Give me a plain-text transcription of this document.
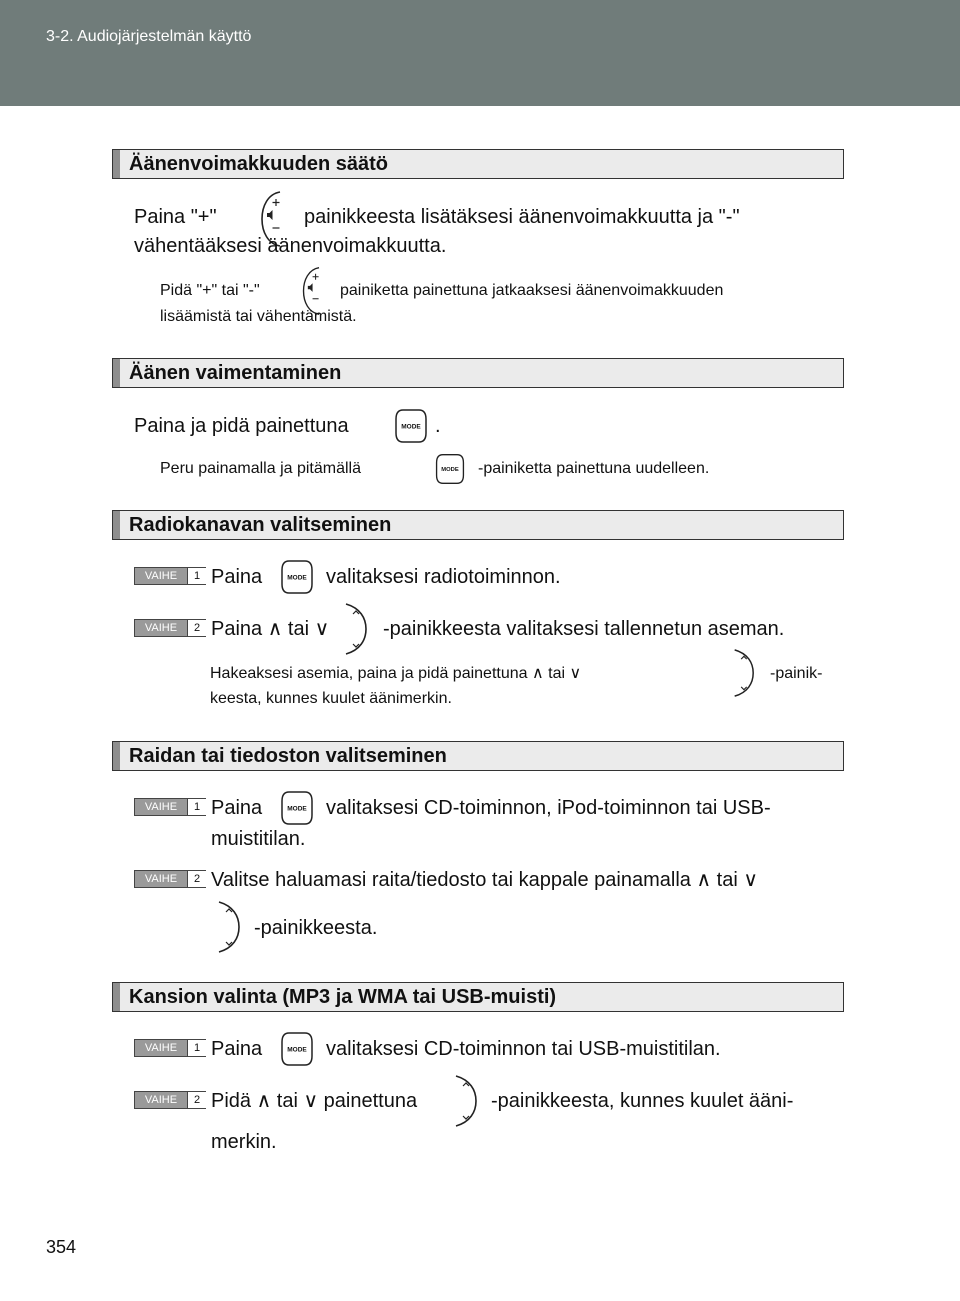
3-2. Audiojärjestelmän käyttö
Äänenvoimakkuuden säätö
Paina "+"	painikkeesta lisätäksesi äänenvoimakkuutta ja "-"
vähentääksesi äänenvoimakkuutta.
Pidä "+" tai "-"	painiketta painettuna jatkaaksesi äänenvoimakkuuden
lisäämistä tai vähentämistä.
Äänen vaimentaminen
Paina ja pidä painettuna	.
Peru painamalla ja pitämällä	-painiketta painettuna uudelleen.
Radiokanavan valitseminen
VAIHE	1 Paina	valitaksesi radiotoiminnon.
VAIHE	2 Paina ∧ tai ∨	-painikkeesta valitaksesi tallennetun aseman.
Hakeaksesi asemia, paina ja pidä painettuna ∧ tai ∨	-painik-
keesta, kunnes kuulet äänimerkin.
Raidan tai tiedoston valitseminen
VAIHE	1 Paina	valitaksesi CD-toiminnon, iPod-toiminnon tai USB-
muistitilan.
VAIHE	2 Valitse haluamasi raita/tiedosto tai kappale painamalla ∧ tai ∨
-painikkeesta.
Kansion valinta (MP3 ja WMA tai USB-muisti)
VAIHE	1 Paina	valitaksesi CD-toiminnon tai USB-muistitilan.
VAIHE	2 Pidä ∧ tai ∨ painettuna	-painikkeesta, kunnes kuulet ääni-
merkin.
354
